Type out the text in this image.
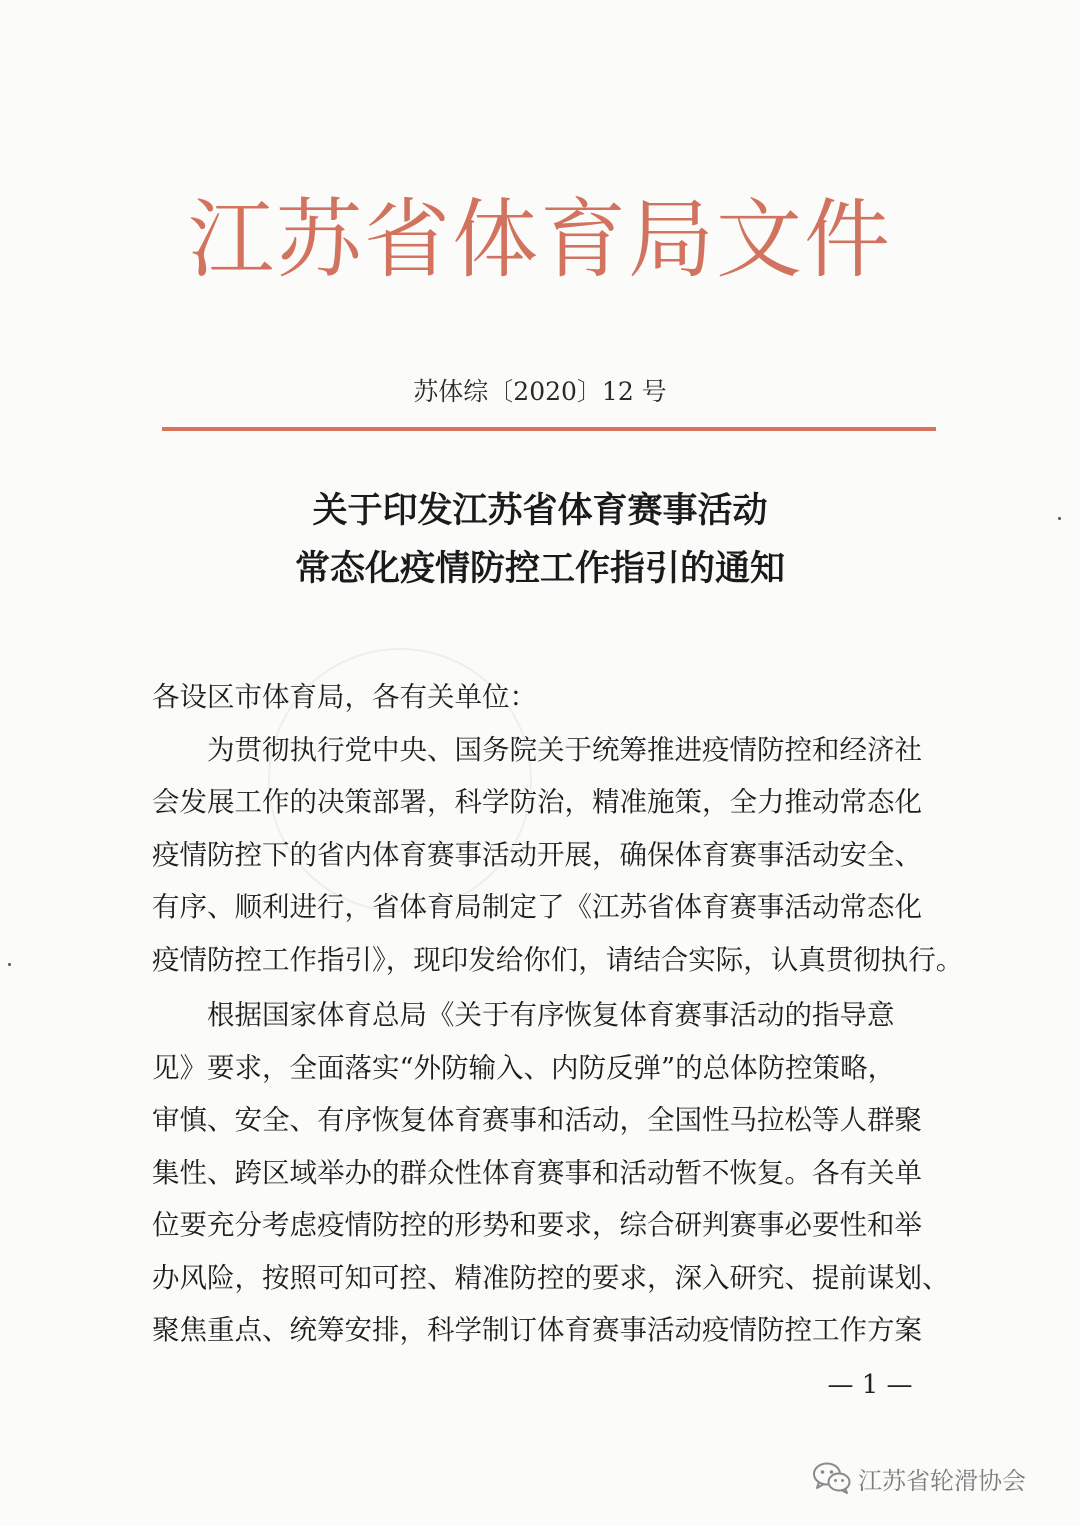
江苏省体育局文件
苏体综〔2020〕12 号
关于印发江苏省体育赛事活动
常态化疫情防控工作指引的通知
各设区市体育局，各有关单位：
　　为贯彻执行党中央、国务院关于统筹推进疫情防控和经济社
会发展工作的决策部署，科学防治，精准施策，全力推动常态化
疫情防控下的省内体育赛事活动开展，确保体育赛事活动安全、
有序、顺利进行，省体育局制定了《江苏省体育赛事活动常态化
疫情防控工作指引》，现印发给你们，请结合实际，认真贯彻执行。
　　根据国家体育总局《关于有序恢复体育赛事活动的指导意
见》要求，全面落实“外防输入、内防反弹”的总体防控策略，
审慎、安全、有序恢复体育赛事和活动，全国性马拉松等人群聚
集性、跨区域举办的群众性体育赛事和活动暂不恢复。各有关单
位要充分考虑疫情防控的形势和要求，综合研判赛事必要性和举
办风险，按照可知可控、精准防控的要求，深入研究、提前谋划、
聚焦重点、统筹安排，科学制订体育赛事活动疫情防控工作方案
— 1 —
江苏省轮滑协会
